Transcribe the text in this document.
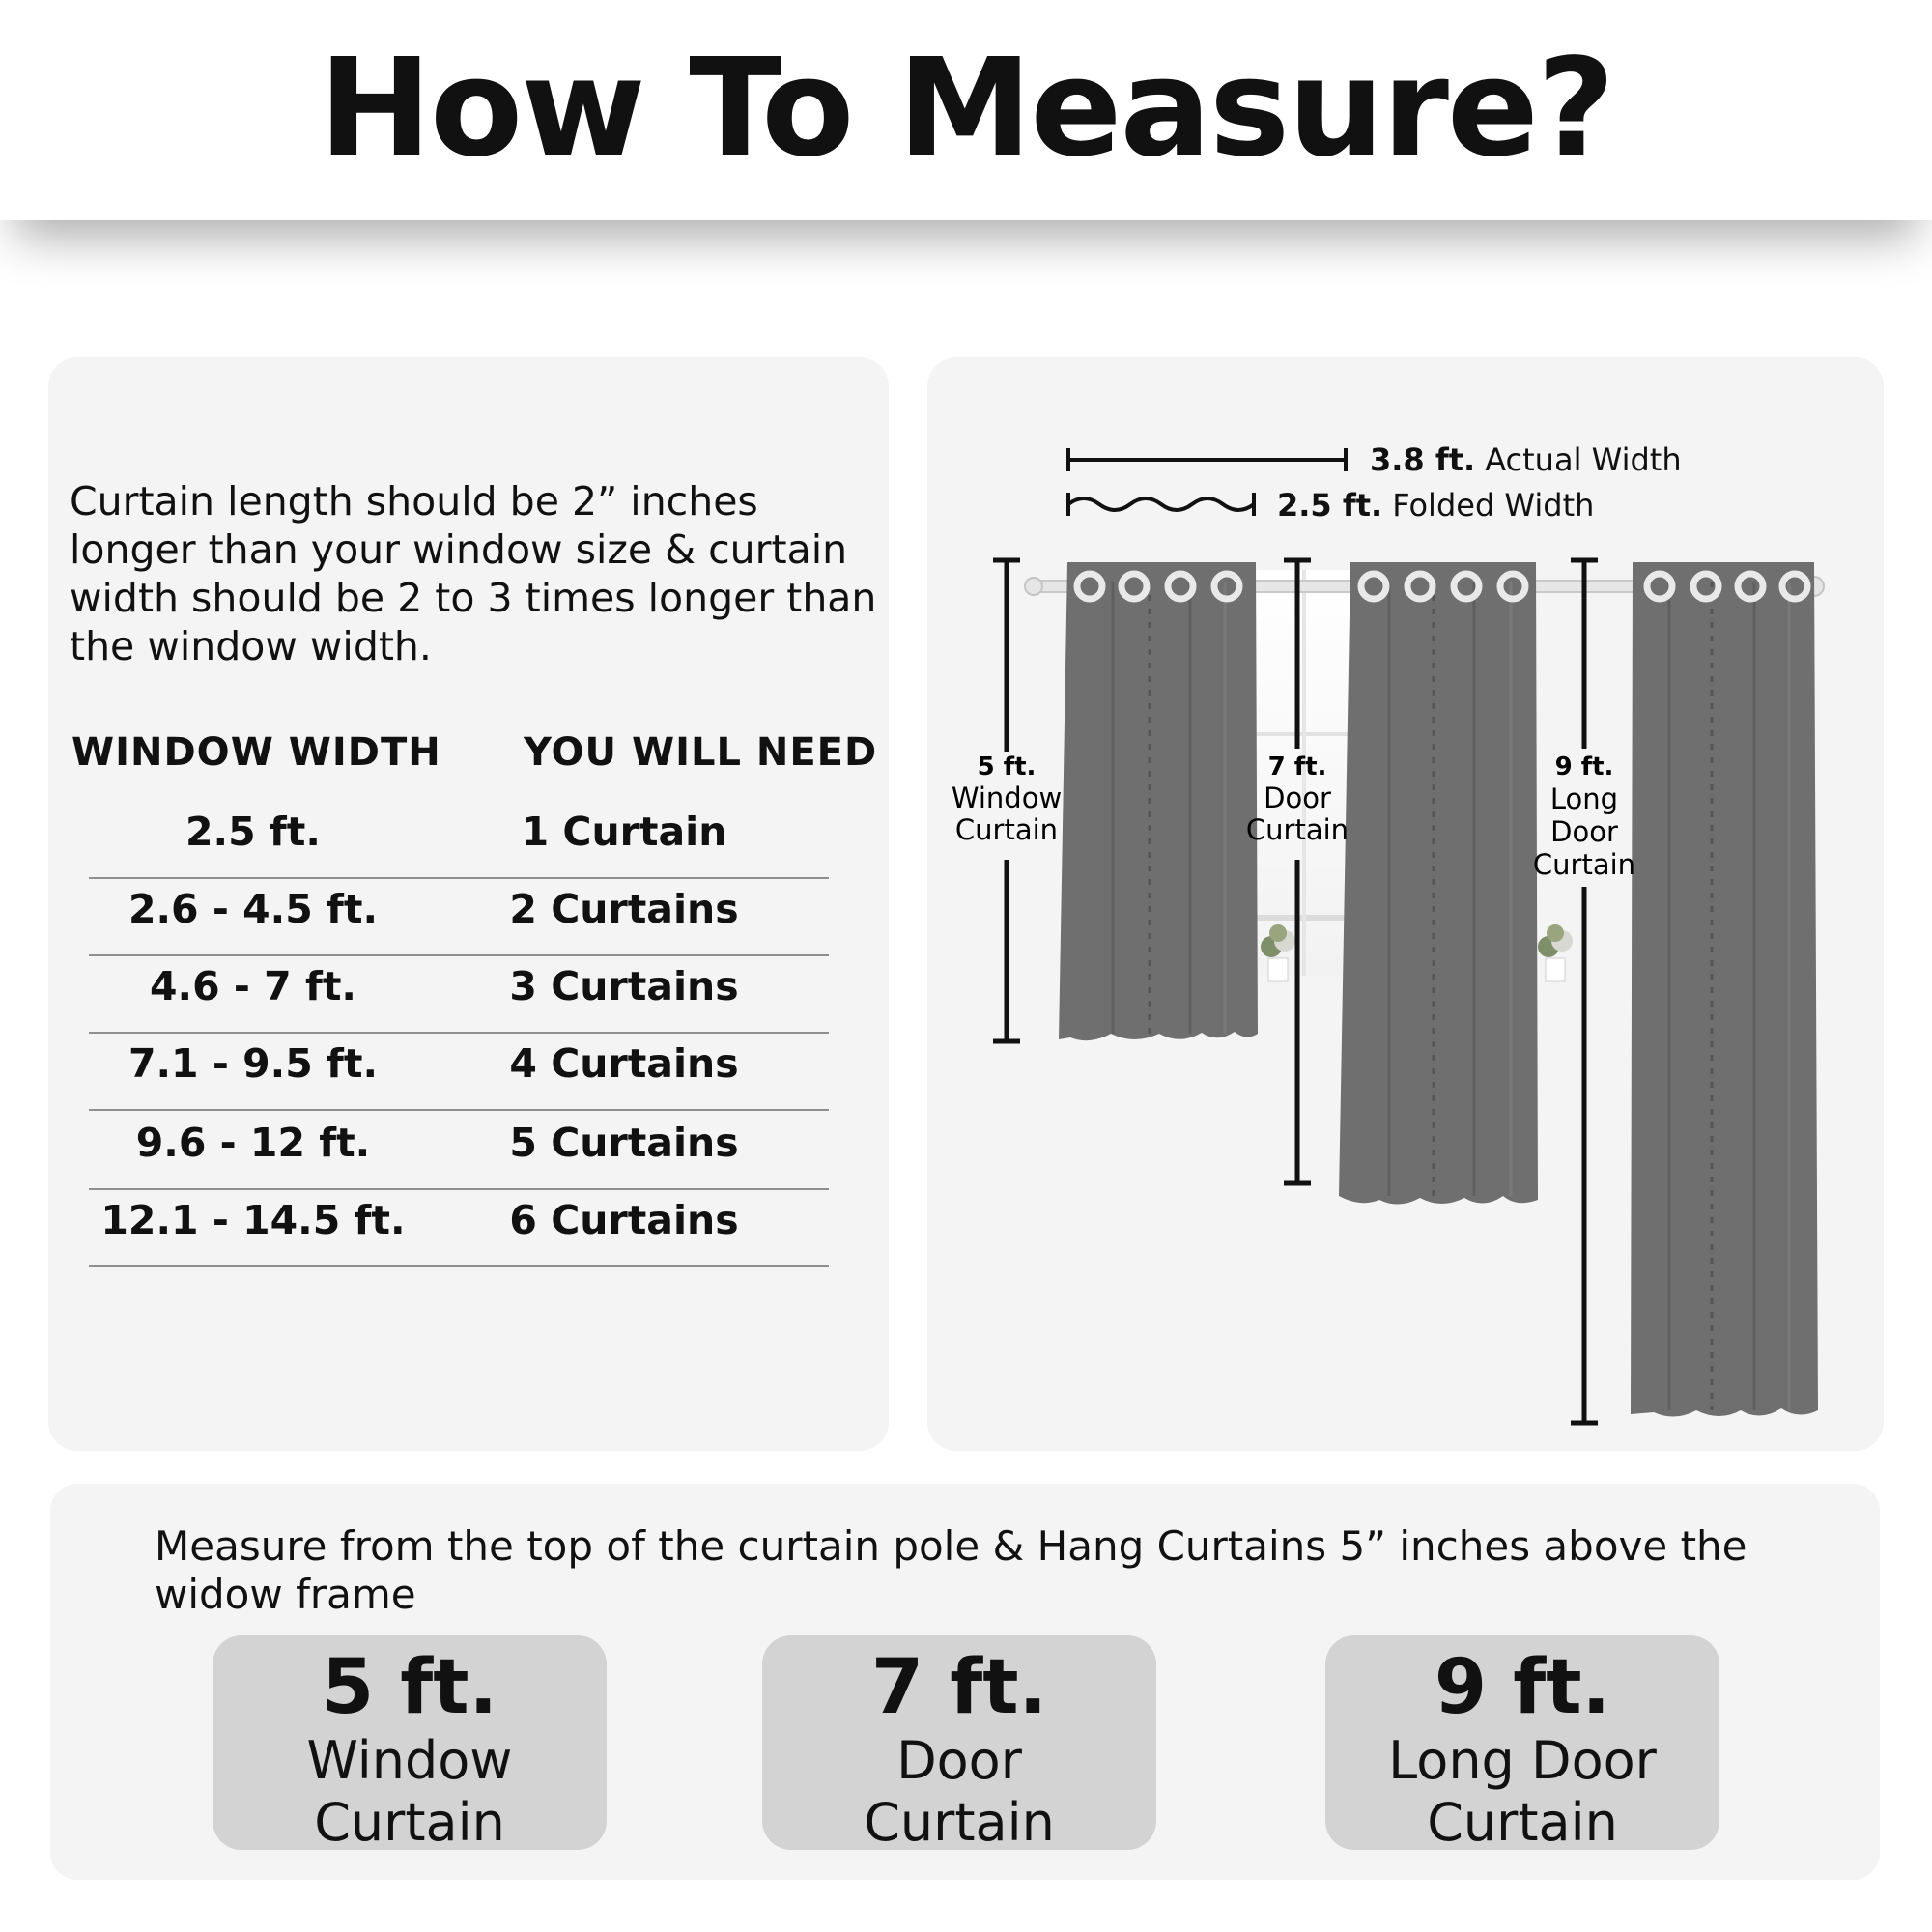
How To Measure?
Curtain length should be 2” inches longer than your window size & curtain width should be 2 to 3 times longer than the window width.
WINDOW WIDTH YOU WILL NEED
2.5 ft.	1 Curtain
2.6 - 4.5 ft.	2 Curtains
4.6 - 7 ft.	3 Curtains
7.1 - 9.5 ft.	4 Curtains
9.6 - 12 ft.	5 Curtains
12.1 - 14.5 ft.	6 Curtains
3.8 ft. Actual Width
2.5 ft. Folded Width
5 ft.
Window
Curtain
7 ft.
Door
Curtain
9 ft.
Long
Door
Curtain
Measure from the top of the curtain pole & Hang Curtains 5” inches above the widow frame
5 ft.
Window
Curtain
7 ft.
Door
Curtain
9 ft.
Long Door
Curtain
